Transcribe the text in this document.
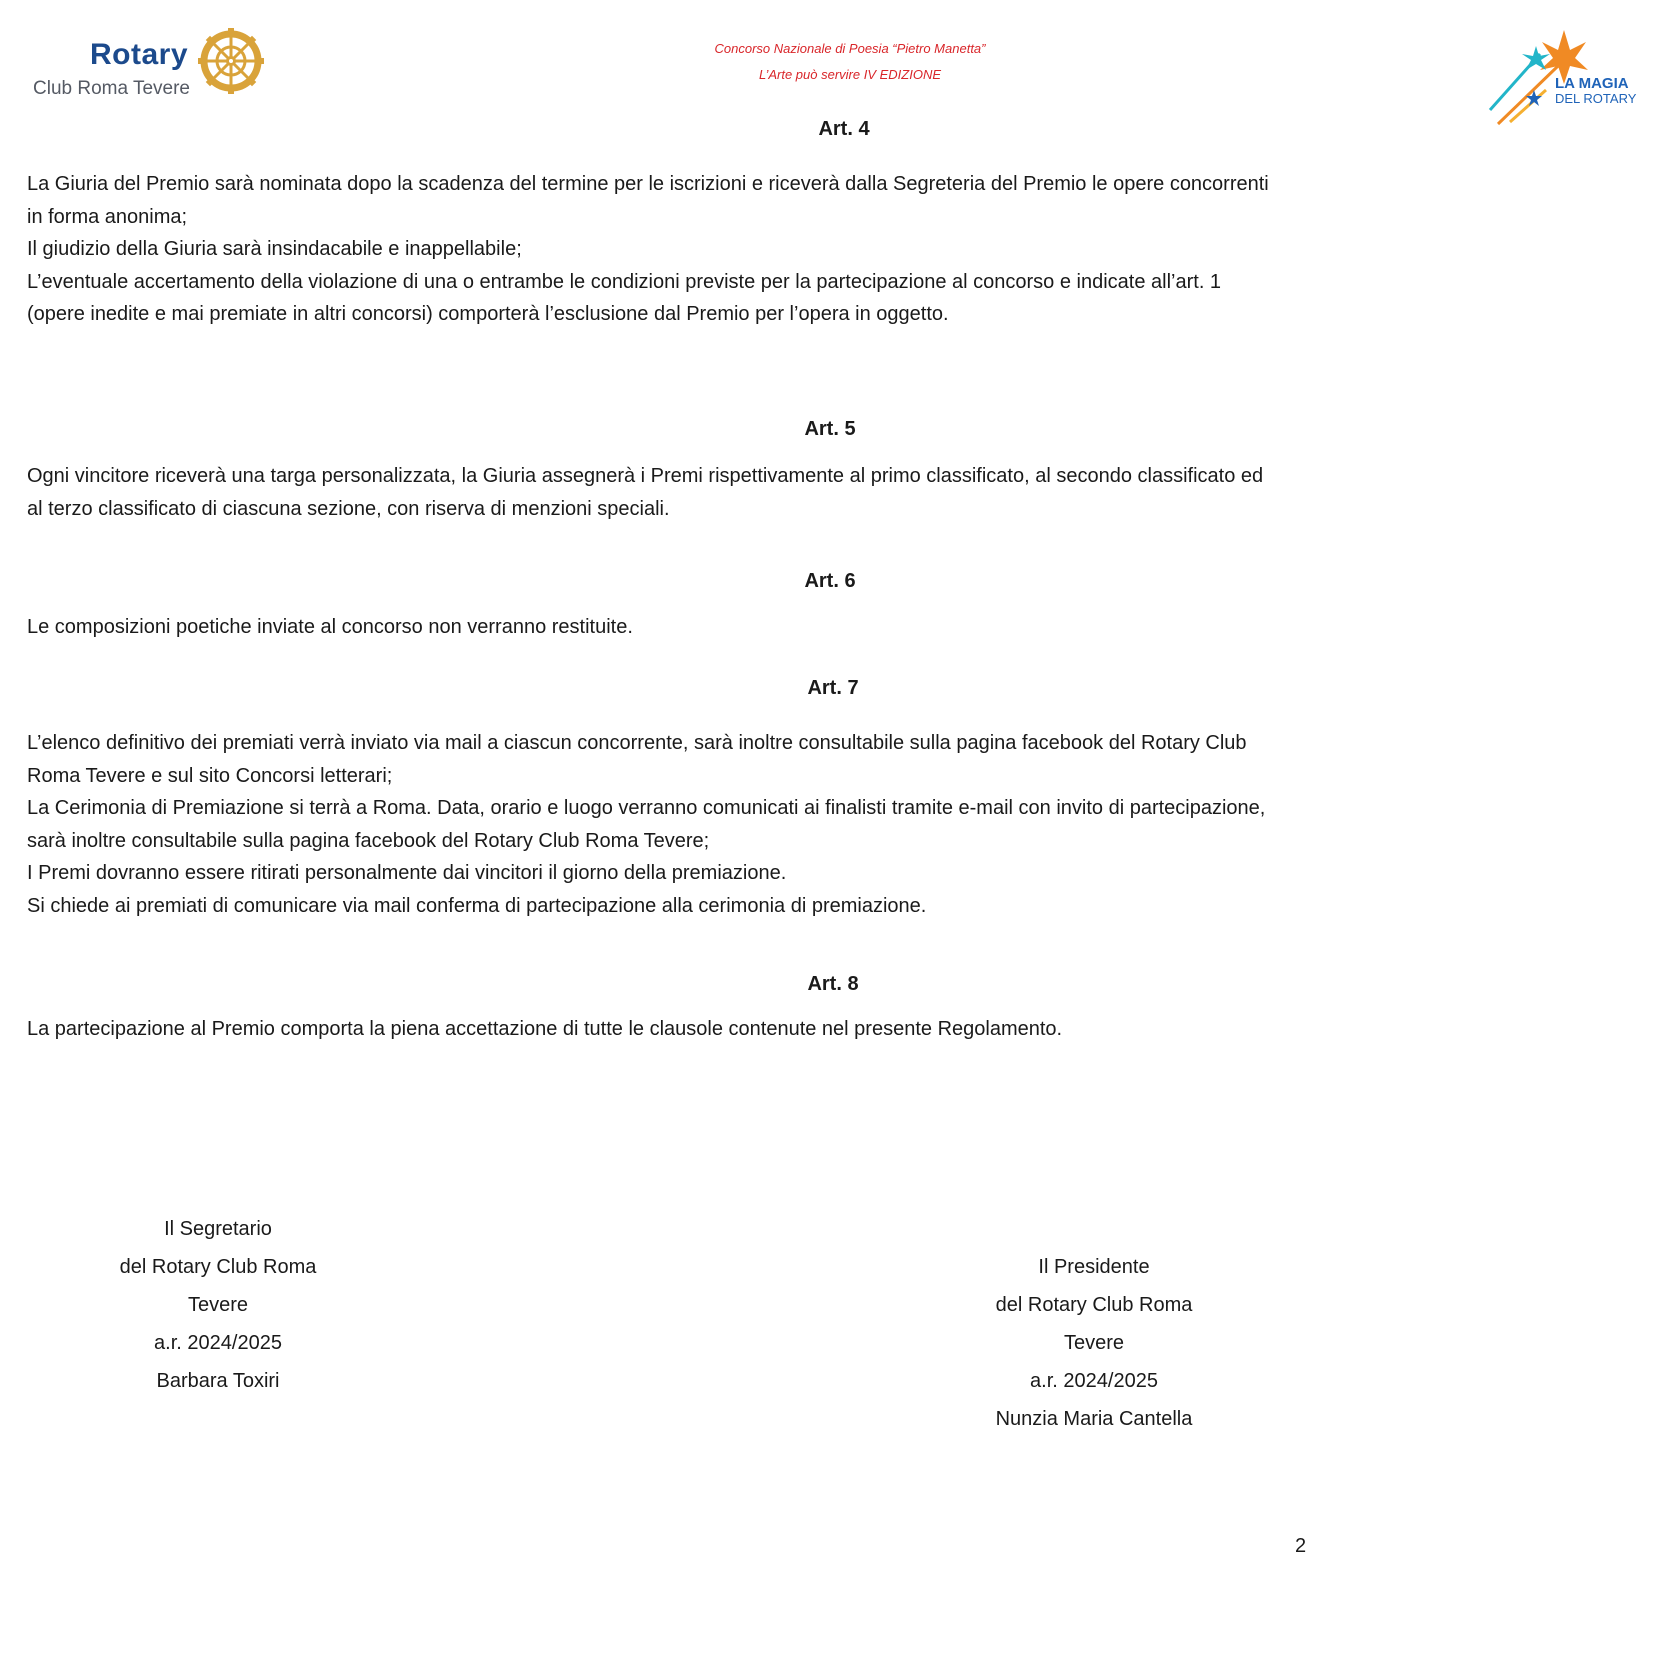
Rotary
Club Roma Tevere
Concorso Nazionale di Poesia “Pietro Manetta”
L’Arte può servire IV EDIZIONE
LA MAGIA
DEL ROTARY
Art. 4

La Giuria del Premio sarà nominata dopo la scadenza del termine per le iscrizioni e riceverà dalla Segreteria del Premio le opere concorrenti in forma anonima;

Il giudizio della Giuria sarà insindacabile e inappellabile;

L’eventuale accertamento della violazione di una o entrambe le condizioni previste per la partecipazione al concorso e indicate all’art. 1 (opere inedite e mai premiate in altri concorsi) comporterà l’esclusione dal Premio per l’opera in oggetto.

Art. 5

Ogni vincitore riceverà una targa personalizzata, la Giuria assegnerà i Premi rispettivamente al primo classificato, al secondo classificato ed al terzo classificato di ciascuna sezione, con riserva di menzioni speciali.

Art. 6

Le composizioni poetiche inviate al concorso non verranno restituite.

Art. 7

L’elenco definitivo dei premiati verrà inviato via mail a ciascun concorrente, sarà inoltre consultabile sulla pagina facebook del Rotary Club Roma Tevere e sul sito Concorsi letterari;

La Cerimonia di Premiazione si terrà a Roma. Data, orario e luogo verranno comunicati ai finalisti tramite e-mail con invito di partecipazione, sarà inoltre consultabile sulla pagina facebook del Rotary Club Roma Tevere;

I Premi dovranno essere ritirati personalmente dai vincitori il giorno della premiazione.

Si chiede ai premiati di comunicare via mail conferma di partecipazione alla cerimonia di premiazione.

Art. 8

La partecipazione al Premio comporta la piena accettazione di tutte le clausole contenute nel presente Regolamento.

Il Segretario
del Rotary Club Roma
Tevere
a.r. 2024/2025
Barbara Toxiri
Il Presidente
del Rotary Club Roma
Tevere
a.r. 2024/2025
Nunzia Maria Cantella
2
